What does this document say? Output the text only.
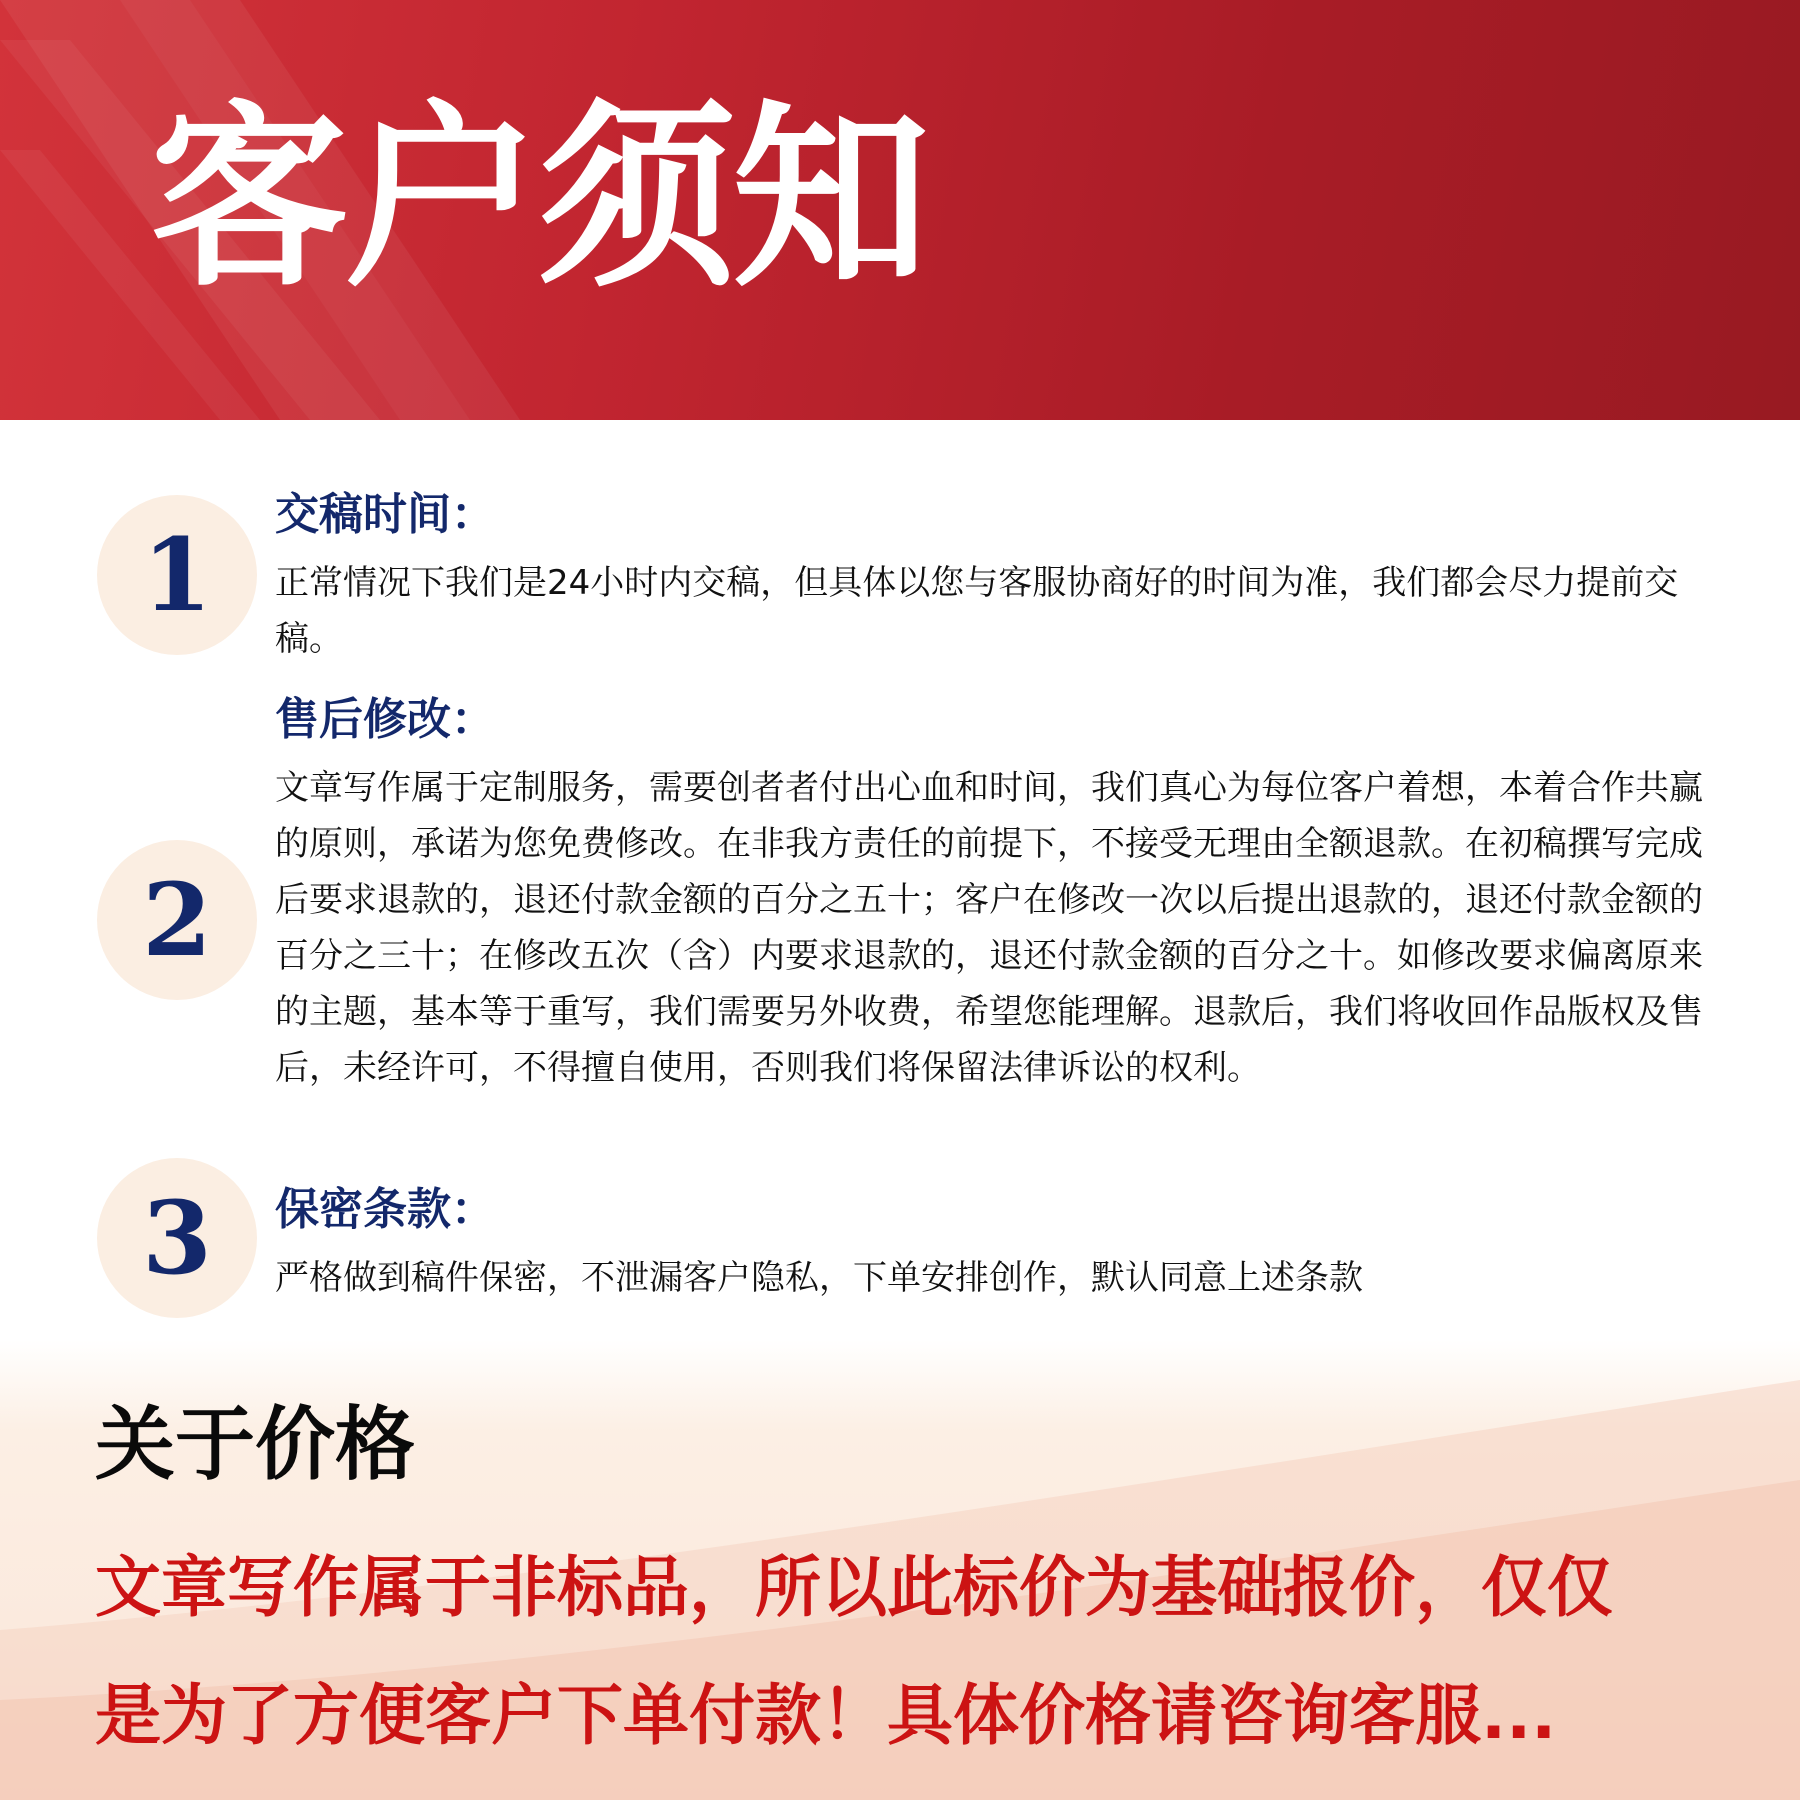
客户须知
1
交稿时间：
正常情况下我们是24小时内交稿，但具体以您与客服协商好的时间为准，我们都会尽力提前交稿。
2
售后修改：
文章写作属于定制服务，需要创者者付出心血和时间，我们真心为每位客户着想，本着合作共赢的原则，承诺为您免费修改。在非我方责任的前提下，不接受无理由全额退款。在初稿撰写完成后要求退款的，退还付款金额的百分之五十；客户在修改一次以后提出退款的，退还付款金额的百分之三十；在修改五次（含）内要求退款的，退还付款金额的百分之十。如修改要求偏离原来的主题，基本等于重写，我们需要另外收费，希望您能理解。退款后，我们将收回作品版权及售后，未经许可，不得擅自使用，否则我们将保留法律诉讼的权利。
3 保密条款：
严格做到稿件保密，不泄漏客户隐私，下单安排创作，默认同意上述条款
关于价格
文章写作属于非标品，所以此标价为基础报价，仅仅
是为了方便客户下单付款！具体价格请咨询客服...
